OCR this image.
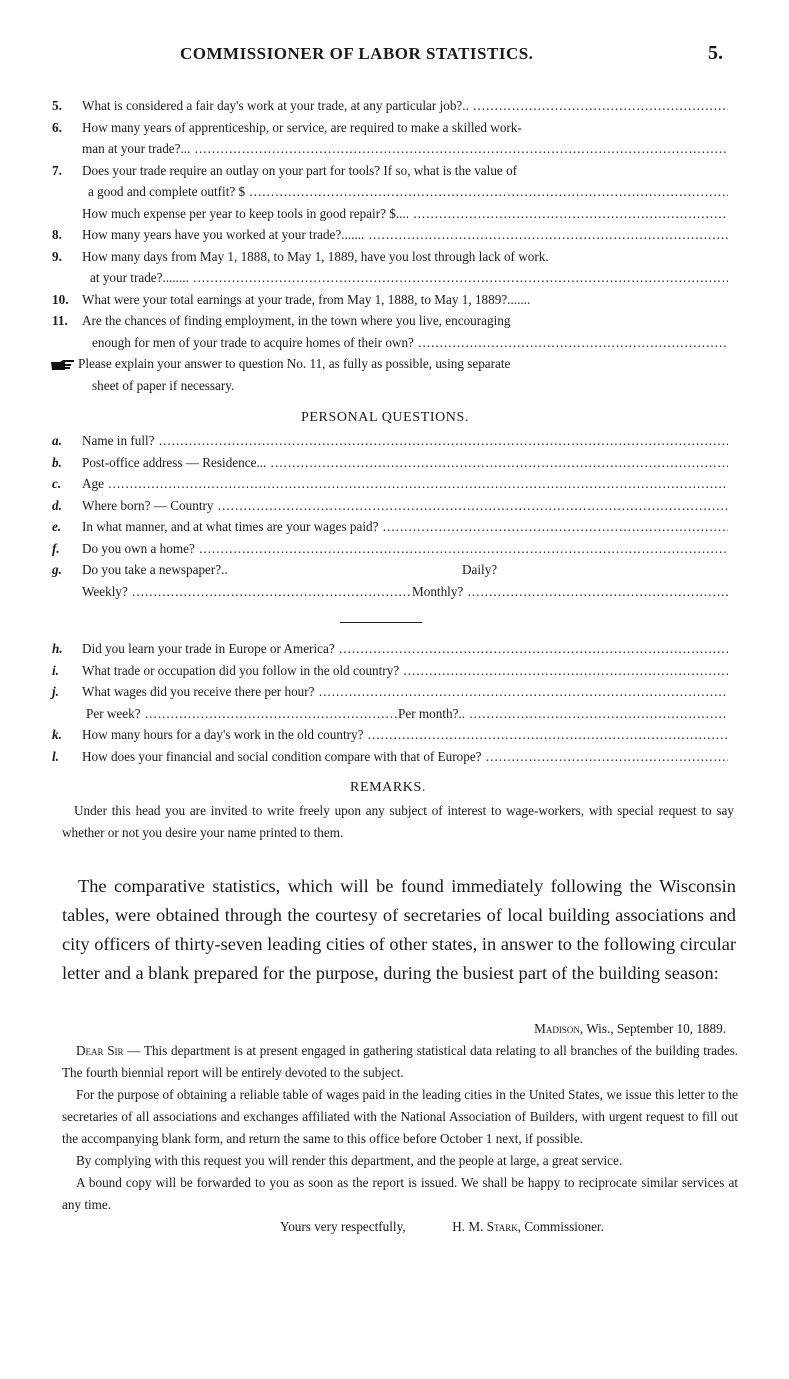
COMMISSIONER OF LABOR STATISTICS.	5.
5.	What is considered a fair day's work at your trade, at any particular job?.. .....
6.	How many years of apprenticeship, or service, are required to make a skilled work-
man at your trade?... .....
7.	Does your trade require an outlay on your part for tools? If so, what is the value of
a good and complete outfit? $ .....
How much expense per year to keep tools in good repair? $.... .....
8.	How many years have you worked at your trade?....... .....
9.	How many days from May 1, 1888, to May 1, 1889, have you lost through lack of work.
at your trade?........ .....
10.	What were your total earnings at your trade, from May 1, 1888, to May 1, 1889?.......
11.	Are the chances of finding employment, in the town where you live, encouraging
enough for men of your trade to acquire homes of their own? .....
Please explain your answer to question No. 11, as fully as possible, using separate
sheet of paper if necessary.
PERSONAL QUESTIONS.
a.	Name in full? .....
b.	Post-office address — Residence... .....
c.	Age .....
d.	Where born? — Country .....
e.	In what manner, and at what times are your wages paid? .....
f.	Do you own a home? .....
g.	Do you take a newspaper?..	Daily?
Weekly? .....	Monthly? .....
h.	Did you learn your trade in Europe or America? .....
i.	What trade or occupation did you follow in the old country? .....
j.	What wages did you receive there per hour? .....
Per week? .....	Per month?.. .....
k.	How many hours for a day's work in the old country? .....
l.	How does your financial and social condition compare with that of Europe? .....
REMARKS.
Under this head you are invited to write freely upon any subject of interest to wage-workers, with special request to say whether or not you desire your name printed to them.
The comparative statistics, which will be found immediately following the Wisconsin tables, were obtained through the courtesy of secretaries of local building associations and city officers of thirty-seven leading cities of other states, in answer to the following circular letter and a blank prepared for the purpose, during the busiest part of the building season:
Madison, Wis., September 10, 1889.
Dear Sir — This department is at present engaged in gathering statistical data relating to all branches of the building trades. The fourth biennial report will be entirely devoted to the subject.
For the purpose of obtaining a reliable table of wages paid in the leading cities in the United States, we issue this letter to the secretaries of all associations and exchanges affiliated with the National Association of Builders, with urgent request to fill out the accompanying blank form, and return the same to this office before October 1 next, if possible.
By complying with this request you will render this department, and the people at large, a great service.
A bound copy will be forwarded to you as soon as the report is issued. We shall be happy to reciprocate similar services at any time.
Yours very respectfully,	H. M. Stark, Commissioner.
